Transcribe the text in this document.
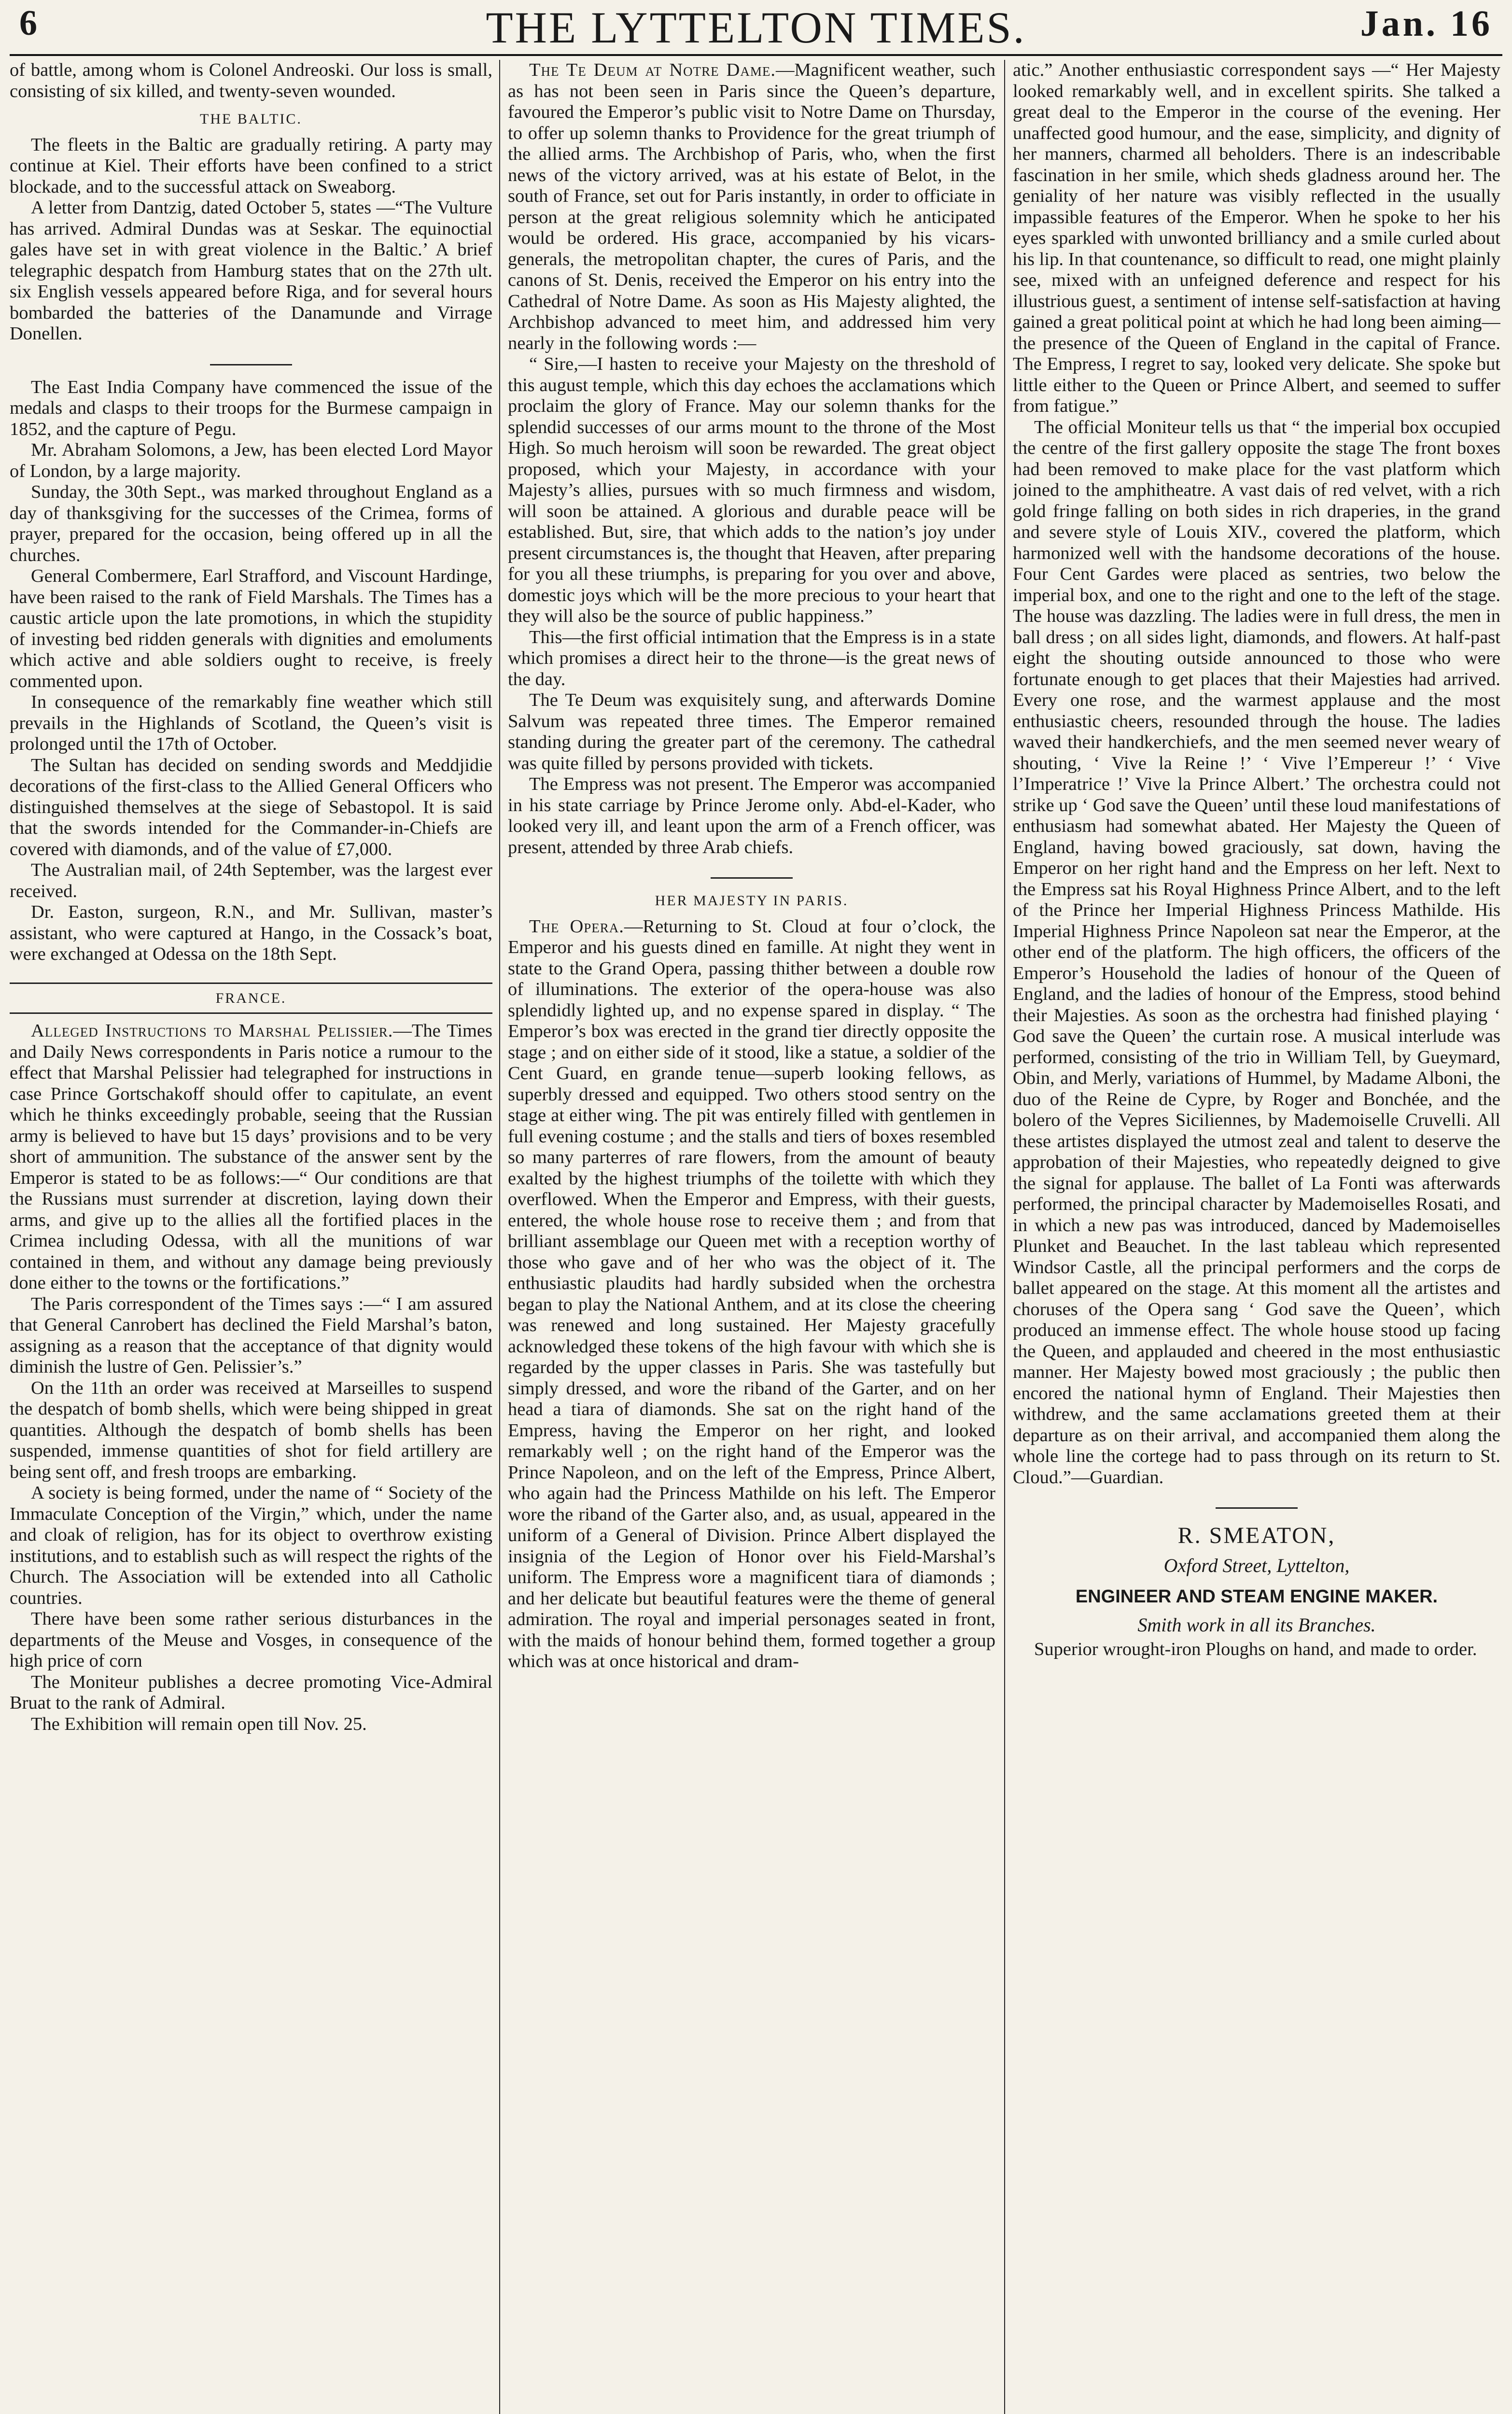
6	THE LYTTELTON TIMES.	Jan. 16

of battle, among whom is Colonel Andreoski. Our loss is small, consisting of six killed, and twenty-seven wounded.

THE BALTIC.

The fleets in the Baltic are gradually retiring. A party may continue at Kiel. Their efforts have been confined to a strict blockade, and to the successful attack on Sweaborg.

A letter from Dantzig, dated October 5, states —“The Vulture has arrived. Admiral Dundas was at Seskar. The equinoctial gales have set in with great violence in the Baltic.’ A brief telegraphic despatch from Hamburg states that on the 27th ult. six English vessels appeared before Riga, and for several hours bombarded the batteries of the Danamunde and Virrage Donellen.

The East India Company have commenced the issue of the medals and clasps to their troops for the Burmese campaign in 1852, and the capture of Pegu.

Mr. Abraham Solomons, a Jew, has been elected Lord Mayor of London, by a large majority.

Sunday, the 30th Sept., was marked throughout England as a day of thanksgiving for the successes of the Crimea, forms of prayer, prepared for the occasion, being offered up in all the churches.

General Combermere, Earl Strafford, and Viscount Hardinge, have been raised to the rank of Field Marshals. The Times has a caustic article upon the late promotions, in which the stupidity of investing bed ridden generals with dignities and emoluments which active and able soldiers ought to receive, is freely commented upon.

In consequence of the remarkably fine weather which still prevails in the Highlands of Scotland, the Queen’s visit is prolonged until the 17th of October.

The Sultan has decided on sending swords and Meddjidie decorations of the first-class to the Allied General Officers who distinguished themselves at the siege of Sebastopol. It is said that the swords intended for the Commander-in-Chiefs are covered with diamonds, and of the value of £7,000.

The Australian mail, of 24th September, was the largest ever received.

Dr. Easton, surgeon, R.N., and Mr. Sullivan, master’s assistant, who were captured at Hango, in the Cossack’s boat, were exchanged at Odessa on the 18th Sept.

FRANCE.

Alleged Instructions to Marshal Pelissier.—The Times and Daily News correspondents in Paris notice a rumour to the effect that Marshal Pelissier had telegraphed for instructions in case Prince Gortschakoff should offer to capitulate, an event which he thinks exceedingly probable, seeing that the Russian army is believed to have but 15 days’ provisions and to be very short of ammunition. The substance of the answer sent by the Emperor is stated to be as follows:—“ Our conditions are that the Russians must surrender at discretion, laying down their arms, and give up to the allies all the fortified places in the Crimea including Odessa, with all the munitions of war contained in them, and without any damage being previously done either to the towns or the fortifications.”

The Paris correspondent of the Times says :—“ I am assured that General Canrobert has declined the Field Marshal’s baton, assigning as a reason that the acceptance of that dignity would diminish the lustre of Gen. Pelissier’s.”

On the 11th an order was received at Marseilles to suspend the despatch of bomb shells, which were being shipped in great quantities. Although the despatch of bomb shells has been suspended, immense quantities of shot for field artillery are being sent off, and fresh troops are embarking.

A society is being formed, under the name of “ Society of the Immaculate Conception of the Virgin,” which, under the name and cloak of religion, has for its object to overthrow existing institutions, and to establish such as will respect the rights of the Church. The Association will be extended into all Catholic countries.

There have been some rather serious disturbances in the departments of the Meuse and Vosges, in consequence of the high price of corn

The Moniteur publishes a decree promoting Vice-Admiral Bruat to the rank of Admiral.

The Exhibition will remain open till Nov. 25.

The Te Deum at Notre Dame.—Magnificent weather, such as has not been seen in Paris since the Queen’s departure, favoured the Emperor’s public visit to Notre Dame on Thursday, to offer up solemn thanks to Providence for the great triumph of the allied arms. The Archbishop of Paris, who, when the first news of the victory arrived, was at his estate of Belot, in the south of France, set out for Paris instantly, in order to officiate in person at the great religious solemnity which he anticipated would be ordered. His grace, accompanied by his vicars-generals, the metropolitan chapter, the cures of Paris, and the canons of St. Denis, received the Emperor on his entry into the Cathedral of Notre Dame. As soon as His Majesty alighted, the Archbishop advanced to meet him, and addressed him very nearly in the following words :—

“ Sire,—I hasten to receive your Majesty on the threshold of this august temple, which this day echoes the acclamations which proclaim the glory of France. May our solemn thanks for the splendid successes of our arms mount to the throne of the Most High. So much heroism will soon be rewarded. The great object proposed, which your Majesty, in accordance with your Majesty’s allies, pursues with so much firmness and wisdom, will soon be attained. A glorious and durable peace will be established. But, sire, that which adds to the nation’s joy under present circumstances is, the thought that Heaven, after preparing for you all these triumphs, is preparing for you over and above, domestic joys which will be the more precious to your heart that they will also be the source of public happiness.”

This—the first official intimation that the Empress is in a state which promises a direct heir to the throne—is the great news of the day.

The Te Deum was exquisitely sung, and afterwards Domine Salvum was repeated three times. The Emperor remained standing during the greater part of the ceremony. The cathedral was quite filled by persons provided with tickets.

The Empress was not present. The Emperor was accompanied in his state carriage by Prince Jerome only. Abd-el-Kader, who looked very ill, and leant upon the arm of a French officer, was present, attended by three Arab chiefs.

HER MAJESTY IN PARIS.

The Opera.—Returning to St. Cloud at four o’clock, the Emperor and his guests dined en famille. At night they went in state to the Grand Opera, passing thither between a double row of illuminations. The exterior of the opera-house was also splendidly lighted up, and no expense spared in display. “ The Emperor’s box was erected in the grand tier directly opposite the stage ; and on either side of it stood, like a statue, a soldier of the Cent Guard, en grande tenue—superb looking fellows, as superbly dressed and equipped. Two others stood sentry on the stage at either wing. The pit was entirely filled with gentlemen in full evening costume ; and the stalls and tiers of boxes resembled so many parterres of rare flowers, from the amount of beauty exalted by the highest triumphs of the toilette with which they overflowed. When the Emperor and Empress, with their guests, entered, the whole house rose to receive them ; and from that brilliant assemblage our Queen met with a reception worthy of those who gave and of her who was the object of it. The enthusiastic plaudits had hardly subsided when the orchestra began to play the National Anthem, and at its close the cheering was renewed and long sustained. Her Majesty gracefully acknowledged these tokens of the high favour with which she is regarded by the upper classes in Paris. She was tastefully but simply dressed, and wore the riband of the Garter, and on her head a tiara of diamonds. She sat on the right hand of the Empress, having the Emperor on her right, and looked remarkably well ; on the right hand of the Emperor was the Prince Napoleon, and on the left of the Empress, Prince Albert, who again had the Princess Mathilde on his left. The Emperor wore the riband of the Garter also, and, as usual, appeared in the uniform of a General of Division. Prince Albert displayed the insignia of the Legion of Honor over his Field-Marshal’s uniform. The Empress wore a magnificent tiara of diamonds ; and her delicate but beautiful features were the theme of general admiration. The royal and imperial personages seated in front, with the maids of honour behind them, formed together a group which was at once historical and dram-

atic.” Another enthusiastic correspondent says —“ Her Majesty looked remarkably well, and in excellent spirits. She talked a great deal to the Emperor in the course of the evening. Her unaffected good humour, and the ease, simplicity, and dignity of her manners, charmed all beholders. There is an indescribable fascination in her smile, which sheds gladness around her. The geniality of her nature was visibly reflected in the usually impassible features of the Emperor. When he spoke to her his eyes sparkled with unwonted brilliancy and a smile curled about his lip. In that countenance, so difficult to read, one might plainly see, mixed with an unfeigned deference and respect for his illustrious guest, a sentiment of intense self-satisfaction at having gained a great political point at which he had long been aiming—the presence of the Queen of England in the capital of France. The Empress, I regret to say, looked very delicate. She spoke but little either to the Queen or Prince Albert, and seemed to suffer from fatigue.”

The official Moniteur tells us that “ the imperial box occupied the centre of the first gallery opposite the stage The front boxes had been removed to make place for the vast platform which joined to the amphitheatre. A vast dais of red velvet, with a rich gold fringe falling on both sides in rich draperies, in the grand and severe style of Louis XIV., covered the platform, which harmonized well with the handsome decorations of the house. Four Cent Gardes were placed as sentries, two below the imperial box, and one to the right and one to the left of the stage. The house was dazzling. The ladies were in full dress, the men in ball dress ; on all sides light, diamonds, and flowers. At half-past eight the shouting outside announced to those who were fortunate enough to get places that their Majesties had arrived. Every one rose, and the warmest applause and the most enthusiastic cheers, resounded through the house. The ladies waved their handkerchiefs, and the men seemed never weary of shouting, ‘ Vive la Reine !’ ‘ Vive l’Empereur !’ ‘ Vive l’Imperatrice !’ Vive la Prince Albert.’ The orchestra could not strike up ‘ God save the Queen’ until these loud manifestations of enthusiasm had somewhat abated. Her Majesty the Queen of England, having bowed graciously, sat down, having the Emperor on her right hand and the Empress on her left. Next to the Empress sat his Royal Highness Prince Albert, and to the left of the Prince her Imperial Highness Princess Mathilde. His Imperial Highness Prince Napoleon sat near the Emperor, at the other end of the platform. The high officers, the officers of the Emperor’s Household the ladies of honour of the Queen of England, and the ladies of honour of the Empress, stood behind their Majesties. As soon as the orchestra had finished playing ‘ God save the Queen’ the curtain rose. A musical interlude was performed, consisting of the trio in William Tell, by Gueymard, Obin, and Merly, variations of Hummel, by Madame Alboni, the duo of the Reine de Cypre, by Roger and Bonchée, and the bolero of the Vepres Siciliennes, by Mademoiselle Cruvelli. All these artistes displayed the utmost zeal and talent to deserve the approbation of their Majesties, who repeatedly deigned to give the signal for applause. The ballet of La Fonti was afterwards performed, the principal character by Mademoiselles Rosati, and in which a new pas was introduced, danced by Mademoiselles Plunket and Beauchet. In the last tableau which represented Windsor Castle, all the principal performers and the corps de ballet appeared on the stage. At this moment all the artistes and choruses of the Opera sang ‘ God save the Queen’, which produced an immense effect. The whole house stood up facing the Queen, and applauded and cheered in the most enthusiastic manner. Her Majesty bowed most graciously ; the public then encored the national hymn of England. Their Majesties then withdrew, and the same acclamations greeted them at their departure as on their arrival, and accompanied them along the whole line the cortege had to pass through on its return to St. Cloud.”—Guardian.

R. SMEATON,
Oxford Street, Lyttelton,
ENGINEER AND STEAM ENGINE MAKER.
Smith work in all its Branches.
Superior wrought-iron Ploughs on hand, and made to order.
